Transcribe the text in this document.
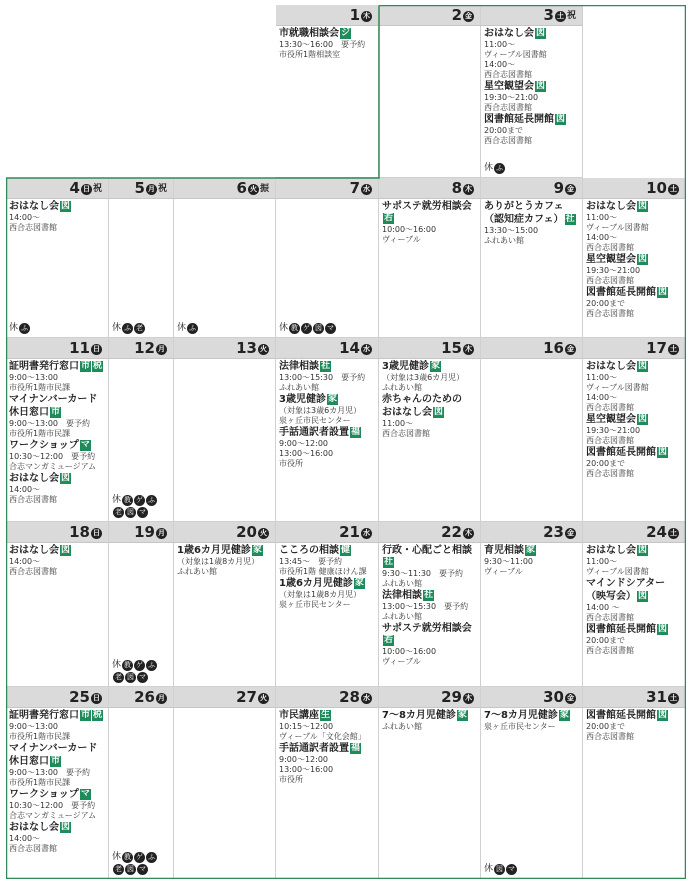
1 木
市就職相談会 ジ
13:30～16:00　要予約
市役所1階相談室
2 金	3 土 祝
おはなし会 図
11:00～
ヴィーブル図書館
14:00～
西合志図書館
星空観望会 図
19:30～21:00
西合志図書館
図書館延長開館 図
20:00まで
西合志図書館
休 ふ
4 日 祝
おはなし会 図
14:00～
西合志図書館
休 ふ
5 月 祝
休 ふ 老
6 火 振
休 ふ
7 水
休 教 ゲ 図 マ
8 木
サポステ就労相談会若
10:00～16:00
ヴィーブル
9 金
ありがとうカフェ
（認知症カフェ） 社
13:30～15:00
ふれあい館
10 土
おはなし会 図
11:00～
ヴィーブル図書館
14:00～
西合志図書館
星空観望会 図
19:30～21:00
西合志図書館
図書館延長開館 図
20:00まで
西合志図書館
11 日
証明書発行窓口 市 税
9:00～13:00
市役所1階市民課
マイナンバーカード
休日窓口 市
9:00～13:00　要予約
市役所1階市民課
ワークショップ マ
10:30～12:00　要予約
合志マンガミュージアム
おはなし会 図
14:00～
西合志図書館
12 月
休 教 ゲ ふ
老 図 マ
13 火	14 水
法律相談 社
13:00～15:30　要予約
ふれあい館
3歳児健診 家
（対象は3歳6カ月児）
泉ヶ丘市民センター
手話通訳者設置 福
9:00～12:00
13:00～16:00
市役所
15 木
3歳児健診 家
（対象は3歳6カ月児）
ふれあい館
赤ちゃんのための
おはなし会 図
11:00～
西合志図書館
16 金	17 土
おはなし会 図
11:00～
ヴィーブル図書館
14:00～
西合志図書館
星空観望会 図
19:30～21:00
西合志図書館
図書館延長開館 図
20:00まで
西合志図書館
18 日
おはなし会 図
14:00～
西合志図書館
19 月
休 教 ゲ ふ
老 図 マ
20 火
1歳6カ月児健診 家
（対象は1歳8カ月児）
ふれあい館
21 水
こころの相談 健
13:45～　要予約
市役所1階 健康ほけん課
1歳6カ月児健診 家
（対象は1歳8カ月児）
泉ヶ丘市民センター
22 木
行政・心配ごと相談社
9:30～11:30　要予約
ふれあい館
法律相談 社
13:00～15:30　要予約
ふれあい館
サポステ就労相談会若
10:00～16:00
ヴィーブル
23 金
育児相談 家
9:30～11:00
ヴィーブル
24 土
おはなし会 図
11:00～
ヴィーブル図書館
マインドシアター
（映写会） 図
14:00 ～
西合志図書館
図書館延長開館 図
20:00まで
西合志図書館
25 日
証明書発行窓口 市 税
9:00～13:00
市役所1階市民課
マイナンバーカード
休日窓口 市
9:00～13:00　要予約
市役所1階市民課
ワークショップ マ
10:30～12:00　要予約
合志マンガミュージアム
おはなし会 図
14:00～
西合志図書館
26 月
休 教 ゲ ふ
老 図 マ
27 火	28 水
市民講座 生
10:15～12:00
ヴィーブル「文化会館」
手話通訳者設置 福
9:00～12:00
13:00～16:00
市役所
29 木
7～8カ月児健診 家
ふれあい館
30 金
7～8カ月児健診 家
泉ヶ丘市民センター
休 図 マ
31 土
図書館延長開館 図
20:00まで
西合志図書館
